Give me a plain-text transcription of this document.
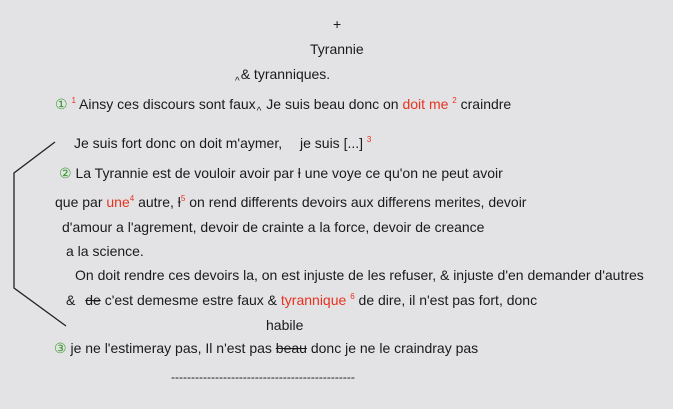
+
Tyrannie
$_{\^{}}$& tyranniques.
① $^1$ Ainsy ces discours sont faux$_{\^{}}$ Je suis beau donc on doit me $^2$ craindre
Je suis fort donc on doit m'aymer, je suis [...] $^3$
② La Tyrannie est de vouloir avoir par ƚ une voye ce qu'on ne peut avoir
que par une$^4$ autre, $ƚ^5$ on rend differents devoirs aux differens merites, devoir
d'amour a l'agrement, devoir de crainte a la force, devoir de creance
a la science.
On doit rendre ces devoirs la, on est injuste de les refuser, & injuste d'en demander d'autres
& de c'est demesme estre faux & tyrannique $^6$ de dire, il n'est pas fort, donc
habile
③ je ne l'estimeray pas, Il n'est pas beau donc je ne le craindray pas
----------------------------------------------
